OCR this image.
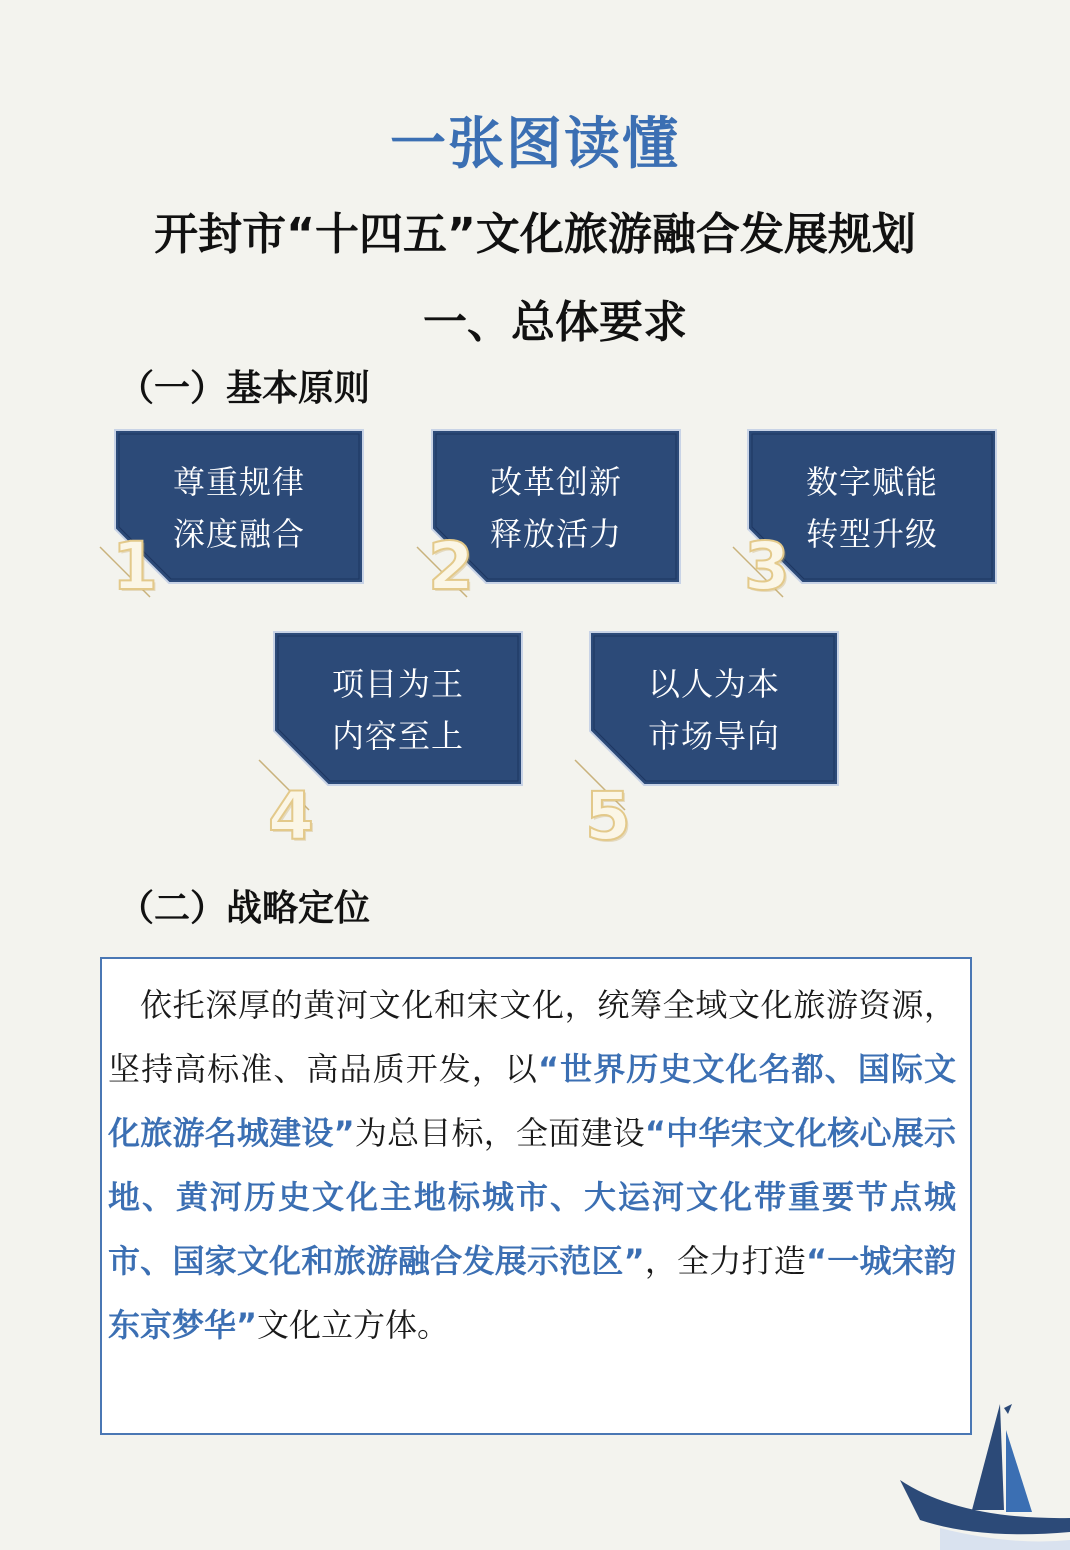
一张图读懂
开封市“十四五”文化旅游融合发展规划
一、总体要求
（一）基本原则
尊重规律
深度融合
1
改革创新
释放活力
2
数字赋能
转型升级
3
项目为王
内容至上
4
以人为本
市场导向
5
（二）战略定位

依托深厚的黄河文化和宋文化，统筹全域文化旅游资源，坚持高标准、高品质开发，以“世界历史文化名都、国际文化旅游名城建设”为总目标，全面建设“中华宋文化核心展示地、黄河历史文化主地标城市、大运河文化带重要节点城市、国家文化和旅游融合发展示范区”，全力打造“一城宋韵 东京梦华”文化立方体。
